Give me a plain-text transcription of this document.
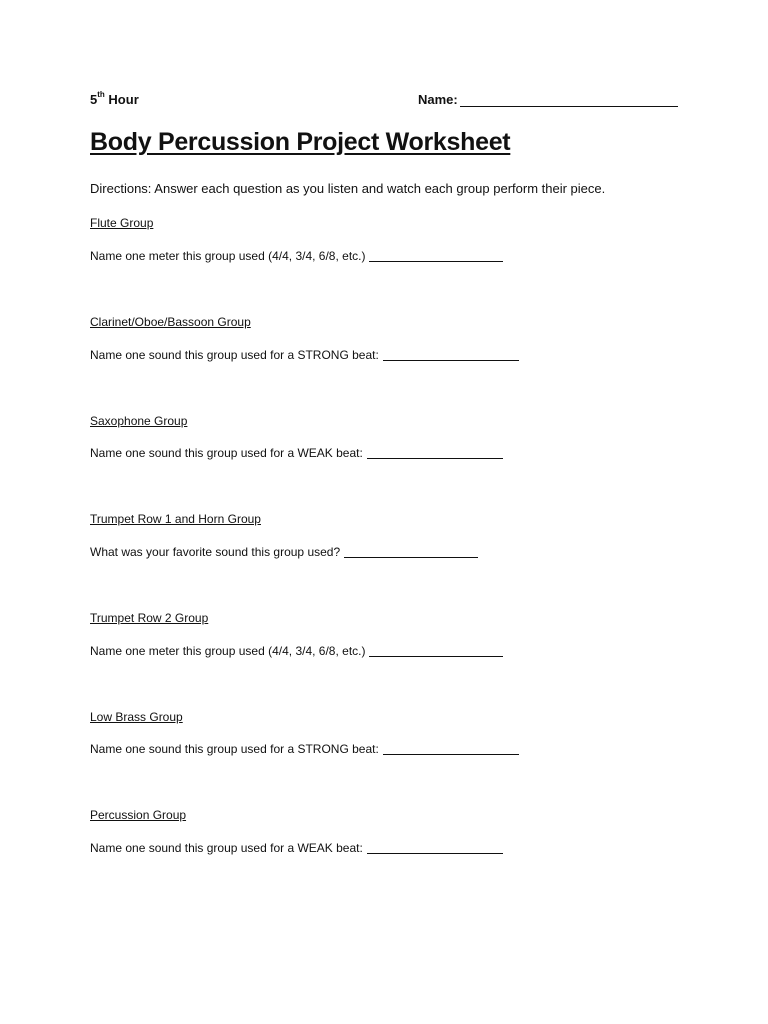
5th Hour	Name:
Body Percussion Project Worksheet
Directions: Answer each question as you listen and watch each group perform their piece.
Flute Group
Name one meter this group used (4/4, 3/4, 6/8, etc.)
Clarinet/Oboe/Bassoon Group
Name one sound this group used for a STRONG beat:
Saxophone Group
Name one sound this group used for a WEAK beat:
Trumpet Row 1 and Horn Group
What was your favorite sound this group used?
Trumpet Row 2 Group
Name one meter this group used (4/4, 3/4, 6/8, etc.)
Low Brass Group
Name one sound this group used for a STRONG beat:
Percussion Group
Name one sound this group used for a WEAK beat:
